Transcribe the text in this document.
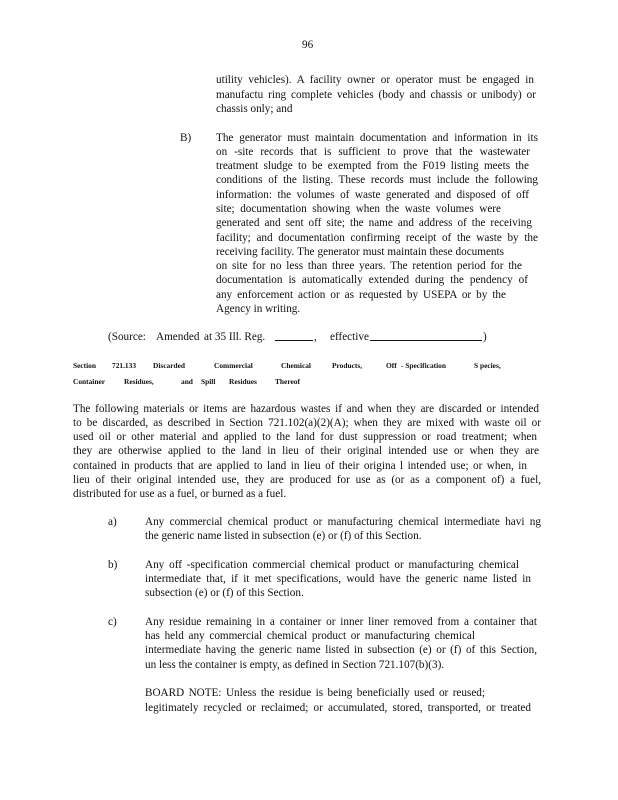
96
utility vehicles). A facility owner or operator must be engaged in
manufactu ring complete vehicles (body and chassis or unibody) or
chassis only; and
B) The generator must maintain documentation and information in its
on -site records that is sufficient to prove that the wastewater
treatment sludge to be exempted from the F019 listing meets the
conditions of the listing. These records must include the following
information: the volumes of waste generated and disposed of off
site; documentation showing when the waste volumes were
generated and sent off site; the name and address of the receiving
facility; and documentation confirming receipt of the waste by the
receiving facility. The generator must maintain these documents
on site for no less than three years. The retention period for the
documentation is automatically extended during the pendency of
any enforcement action or as requested by USEPA or by the
Agency in writing.
(Source: Amended at 35 Ill. Reg.	, effective	)
Section 721.133 Discarded	Commercial	Chemical	Products,	Off - Specification	S pecies,
Container	Residues,	and Spill Residues Thereof
The following materials or items are hazardous wastes if and when they are discarded or intended
to be discarded, as described in Section 721.102(a)(2)(A); when they are mixed with waste oil or
used oil or other material and applied to the land for dust suppression or road treatment; when
they are otherwise applied to the land in lieu of their original intended use or when they are
contained in products that are applied to land in lieu of their origina l intended use; or when, in
lieu of their original intended use, they are produced for use as (or as a component of) a fuel,
distributed for use as a fuel, or burned as a fuel.
a)	Any commercial chemical product or manufacturing chemical intermediate havi ng
the generic name listed in subsection (e) or (f) of this Section.
b) Any off -specification commercial chemical product or manufacturing chemical
intermediate that, if it met specifications, would have the generic name listed in
subsection (e) or (f) of this Section.
c)	Any residue remaining in a container or inner liner removed from a container that
has held any commercial chemical product or manufacturing chemical
intermediate having the generic name listed in subsection (e) or (f) of this Section,
un less the container is empty, as defined in Section 721.107(b)(3).
BOARD NOTE: Unless the residue is being beneficially used or reused;
legitimately recycled or reclaimed; or accumulated, stored, transported, or treated
